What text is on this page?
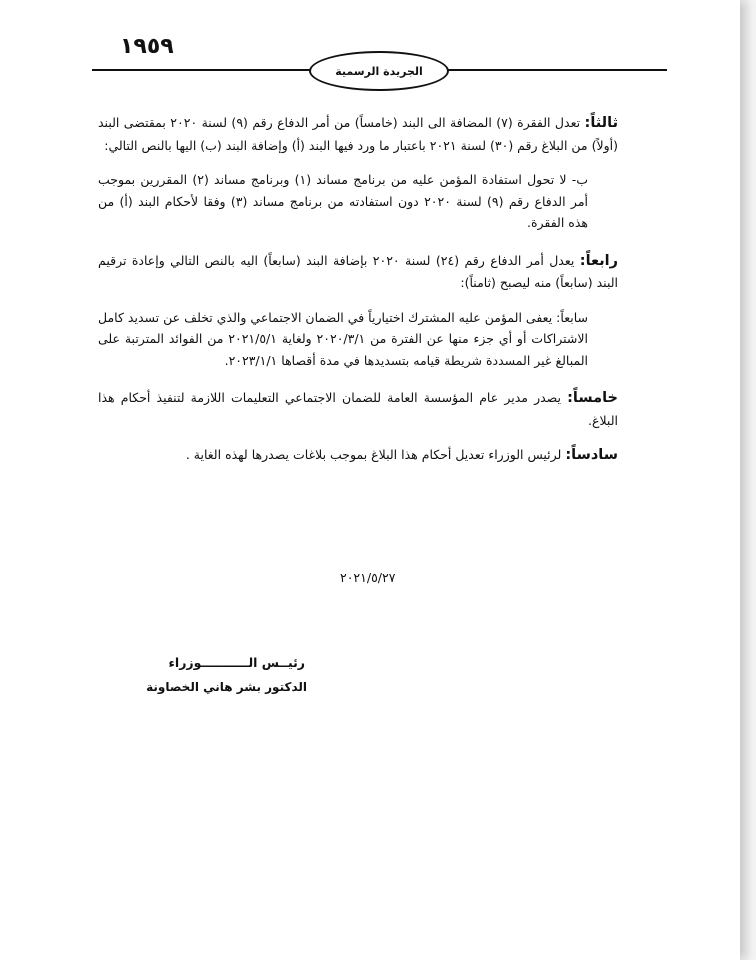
١٩٥٩
الجريدة الرسمية

ثالثاً: تعدل الفقرة (٧) المضافة الى البند (خامساً) من أمر الدفاع رقم (٩) لسنة ٢٠٢٠ بمقتضى البند (أولاً) من البلاغ رقم (٣٠) لسنة ٢٠٢١ باعتبار ما ورد فيها البند (أ) وإضافة البند (ب) اليها بالنص التالي:

ب- لا تحول استفادة المؤمن عليه من برنامج مساند (١) وبرنامج مساند (٢) المقررين بموجب أمر الدفاع رقم (٩) لسنة ٢٠٢٠ دون استفادته من برنامج مساند (٣) وفقا لأحكام البند (أ) من هذه الفقرة.

رابعاً: يعدل أمر الدفاع رقم (٢٤) لسنة ٢٠٢٠ بإضافة البند (سابعاً) اليه بالنص التالي وإعادة ترقيم البند (سابعاً) منه ليصبح (ثامناً):

سابعاً: يعفى المؤمن عليه المشترك اختيارياً في الضمان الاجتماعي والذي تخلف عن تسديد كامل الاشتراكات أو أي جزء منها عن الفترة من ٢٠٢٠/٣/١ ولغاية ٢٠٢١/٥/١ من الفوائد المترتبة على المبالغ غير المسددة شريطة قيامه بتسديدها في مدة أقصاها ٢٠٢٣/١/١.

خامساً: يصدر مدير عام المؤسسة العامة للضمان الاجتماعي التعليمات اللازمة لتنفيذ أحكام هذا البلاغ.

سادساً: لرئيس الوزراء تعديل أحكام هذا البلاغ بموجب بلاغات يصدرها لهذه الغاية .

٢٠٢١/٥/٢٧
رئيــس الـــــــــــوزراء
الدكتور بشر هاني الخصاونة
